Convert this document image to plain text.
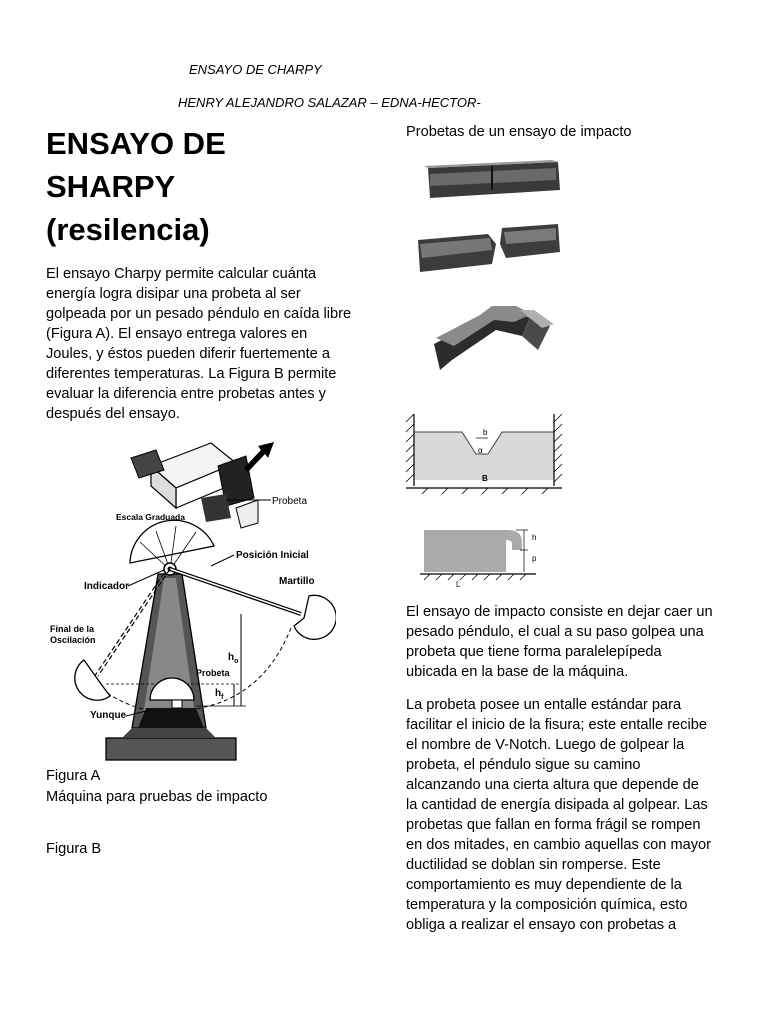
ENSAYO DE CHARPY
HENRY ALEJANDRO SALAZAR – EDNA-HECTOR-
ENSAYO DE
SHARPY
(resilencia)
El ensayo Charpy permite calcular cuánta
energía logra disipar una probeta al ser
golpeada por un pesado péndulo en caída libre
(Figura A). El ensayo entrega valores en
Joules, y éstos pueden diferir fuertemente a
diferentes temperaturas. La Figura B permite
evaluar la diferencia entre probetas antes y
después del ensayo.
Probeta
Escala Graduada
Posición Inicial
Indicador	Martillo
Final de la
Oscilación
$h_o$
$h_f$
Probeta
Yunque
Figura A
Máquina para pruebas de impacto
Figura B
Probetas de un ensayo de impacto
b
α
B
h
p
L
El ensayo de impacto consiste en dejar caer un
pesado péndulo, el cual a su paso golpea una
probeta que tiene forma paralelepípeda
ubicada en la base de la máquina.
La probeta posee un entalle estándar para
facilitar el inicio de la fisura; este entalle recibe
el nombre de V-Notch. Luego de golpear la
probeta, el péndulo sigue su camino
alcanzando una cierta altura que depende de
la cantidad de energía disipada al golpear. Las
probetas que fallan en forma frágil se rompen
en dos mitades, en cambio aquellas con mayor
ductilidad se doblan sin romperse. Este
comportamiento es muy dependiente de la
temperatura y la composición química, esto
obliga a realizar el ensayo con probetas a
